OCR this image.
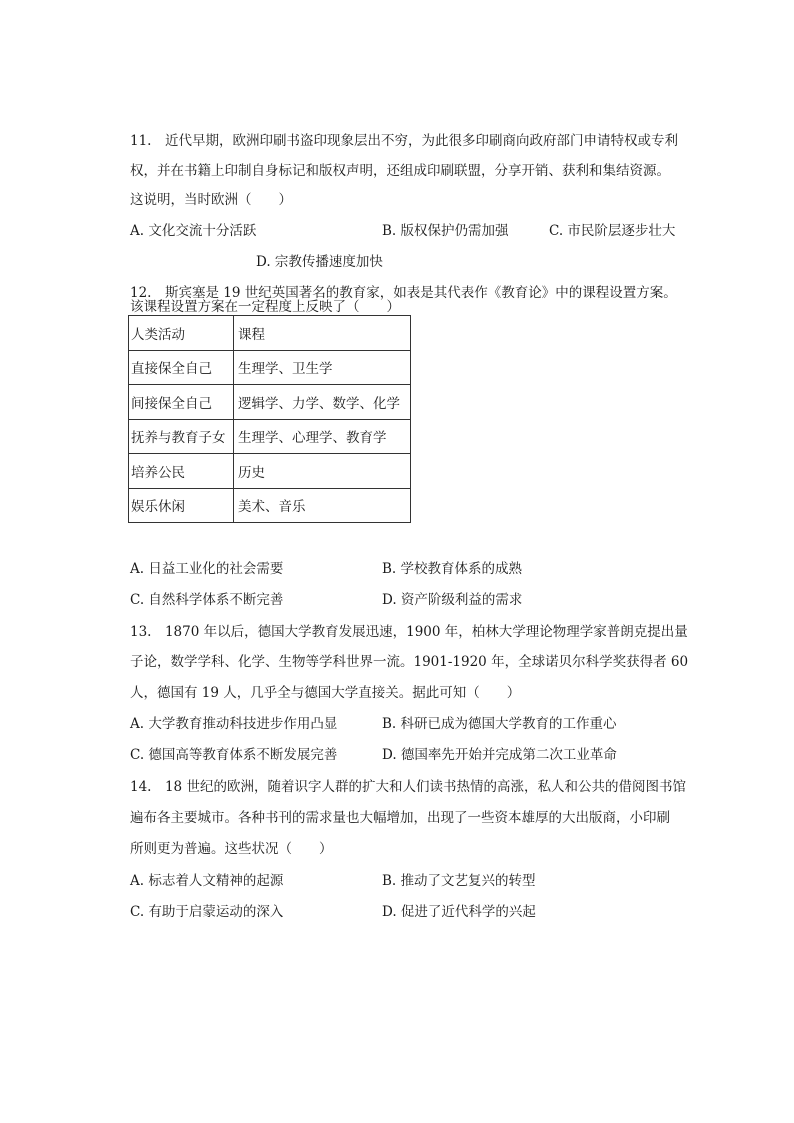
11.　近代早期，欧洲印刷书盗印现象层出不穷，为此很多印刷商向政府部门申请特权或专利
权，并在书籍上印制自身标记和版权声明，还组成印刷联盟，分享开销、获利和集结资源。
这说明，当时欧洲（　　）
A. 文化交流十分活跃	B. 版权保护仍需加强	C. 市民阶层逐步壮大
D. 宗教传播速度加快
12.　斯宾塞是 19 世纪英国著名的教育家，如表是其代表作《教育论》中的课程设置方案。
该课程设置方案在一定程度上反映了（　　）
人类活动	课程
直接保全自己	生理学、卫生学
间接保全自己	逻辑学、力学、数学、化学
抚养与教育子女	生理学、心理学、教育学
培养公民	历史
娱乐休闲	美术、音乐
A. 日益工业化的社会需要	B. 学校教育体系的成熟
C. 自然科学体系不断完善	D. 资产阶级利益的需求
13.　1870 年以后，德国大学教育发展迅速，1900 年，柏林大学理论物理学家普朗克提出量
子论，数学学科、化学、生物等学科世界一流。1901-1920 年，全球诺贝尔科学奖获得者 60
人，德国有 19 人，几乎全与德国大学直接关。据此可知（　　）
A. 大学教育推动科技进步作用凸显	B. 科研已成为德国大学教育的工作重心
C. 德国高等教育体系不断发展完善	D. 德国率先开始并完成第二次工业革命
14.　18 世纪的欧洲，随着识字人群的扩大和人们读书热情的高涨，私人和公共的借阅图书馆
遍布各主要城市。各种书刊的需求量也大幅增加，出现了一些资本雄厚的大出版商，小印刷
所则更为普遍。这些状况（　　）
A. 标志着人文精神的起源	B. 推动了文艺复兴的转型
C. 有助于启蒙运动的深入	D. 促进了近代科学的兴起
